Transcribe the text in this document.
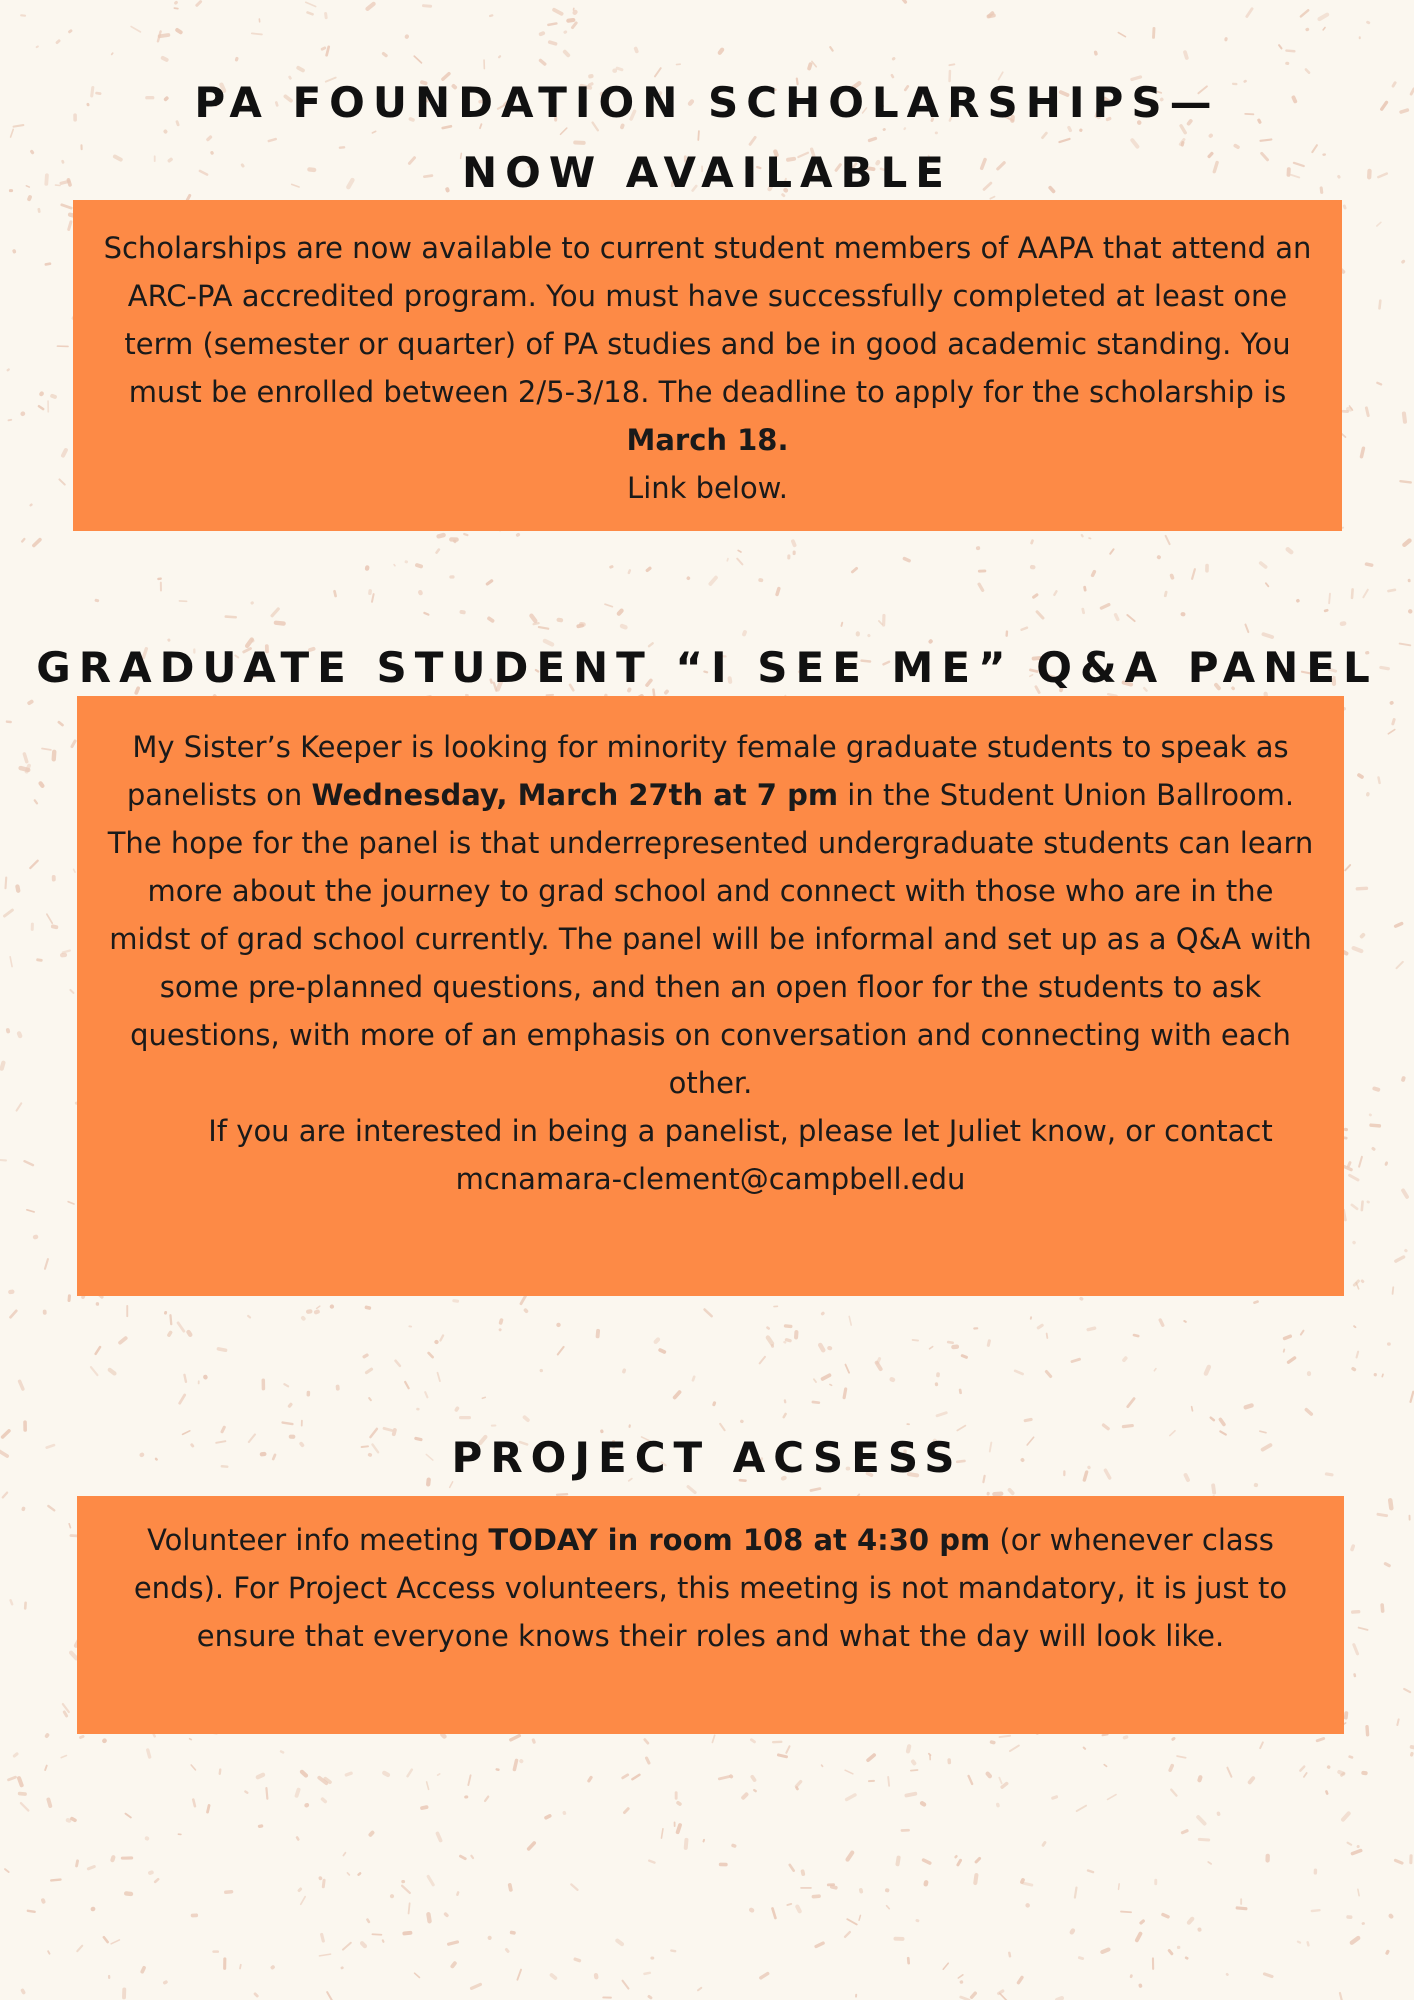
PA FOUNDATION SCHOLARSHIPS—
NOW AVAILABLE

Scholarships are now available to current student members of AAPA that attend an ARC-PA accredited program. You must have successfully completed at least one term (semester or quarter) of PA studies and be in good academic standing. You must be enrolled between 2/5-3/18. The deadline to apply for the scholarship is March 18.

Link below.

GRADUATE STUDENT “I SEE ME” Q&A PANEL

My Sister’s Keeper is looking for minority female graduate students to speak as panelists on Wednesday, March 27th at 7 pm in the Student Union Ballroom. The hope for the panel is that underrepresented undergraduate students can learn more about the journey to grad school and connect with those who are in the midst of grad school currently. The panel will be informal and set up as a Q&A with some pre-planned questions, and then an open floor for the students to ask questions, with more of an emphasis on conversation and connecting with each other.

If you are interested in being a panelist, please let Juliet know, or contact mcnamara-clement@campbell.edu

PROJECT ACSESS

Volunteer info meeting TODAY in room 108 at 4:30 pm (or whenever class ends). For Project Access volunteers, this meeting is not mandatory, it is just to ensure that everyone knows their roles and what the day will look like.
